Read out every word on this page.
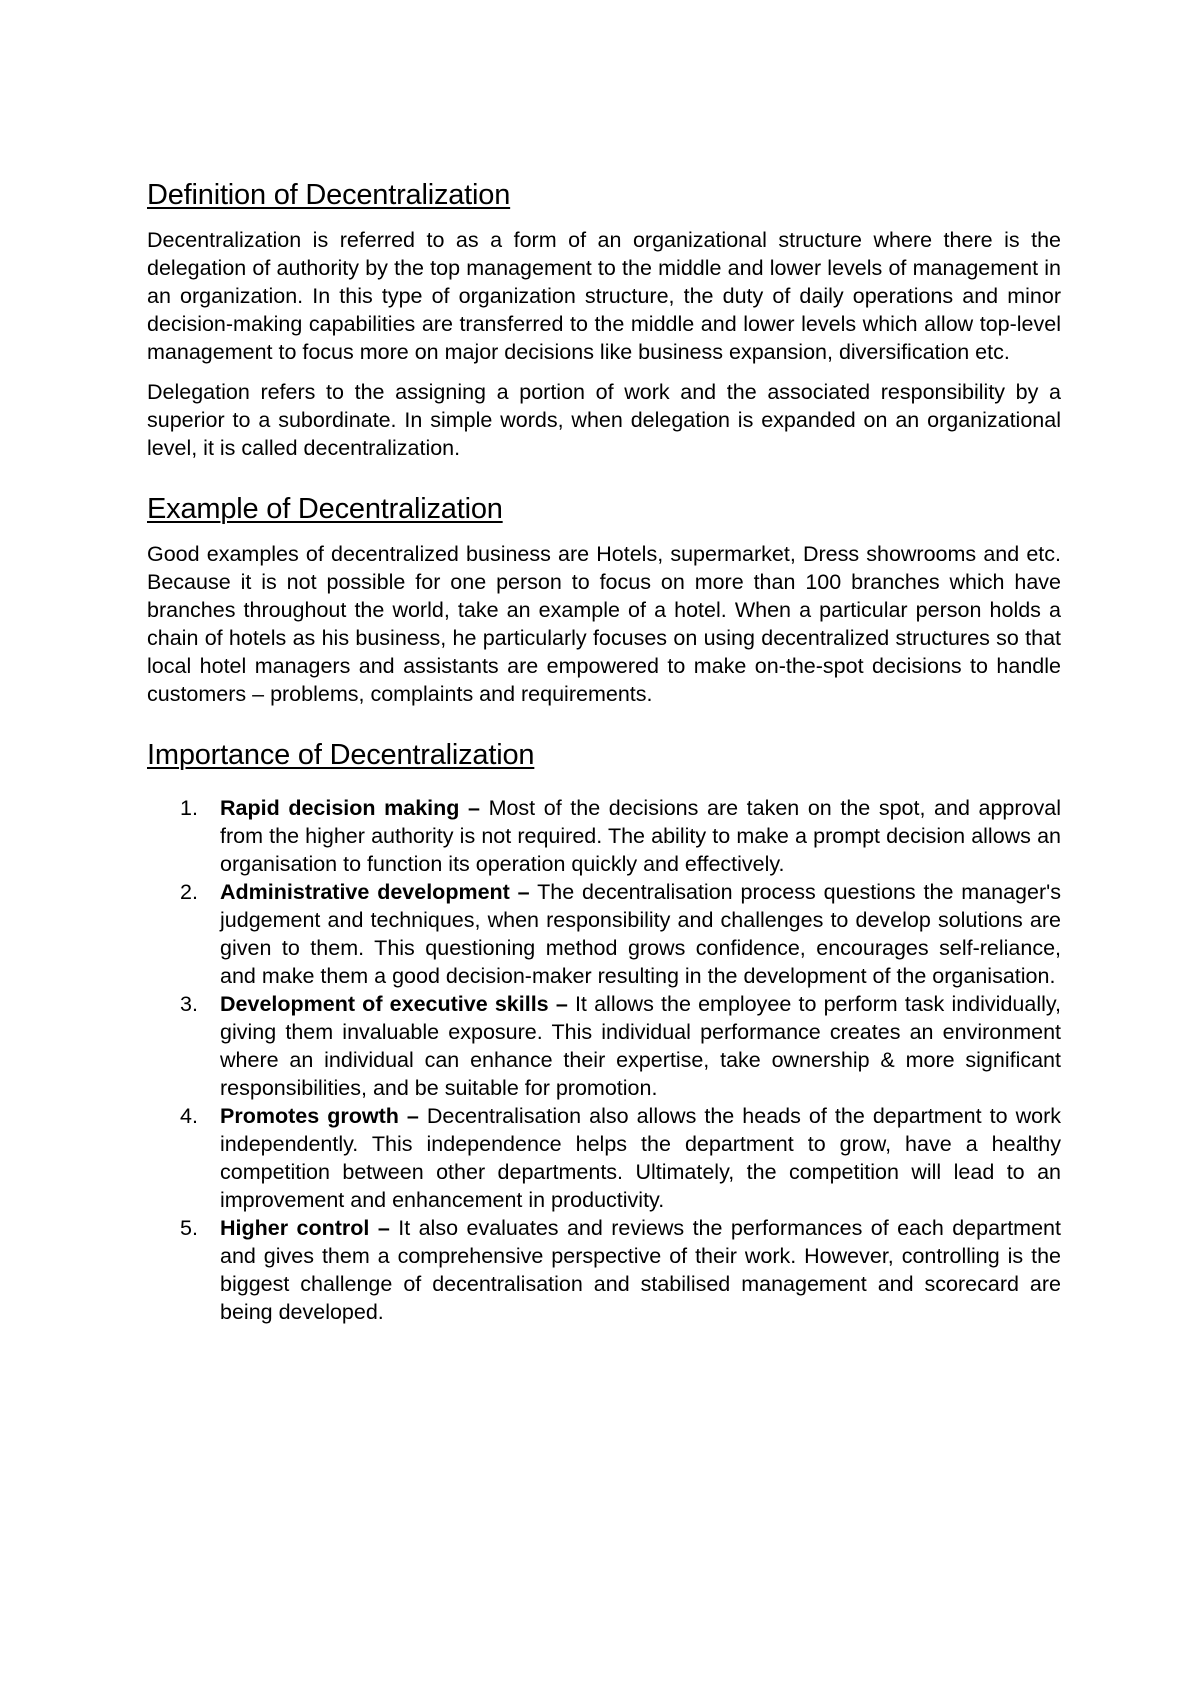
Definition of Decentralization

Decentralization is referred to as a form of an organizational structure where there is the delegation of authority by the top management to the middle and lower levels of management in an organization. In this type of organization structure, the duty of daily operations and minor decision-making capabilities are transferred to the middle and lower levels which allow top-level management to focus more on major decisions like business expansion, diversification etc.

Delegation refers to the assigning a portion of work and the associated responsibility by a superior to a subordinate. In simple words, when delegation is expanded on an organizational level, it is called decentralization.

Example of Decentralization

Good examples of decentralized business are Hotels, supermarket, Dress showrooms and etc. Because it is not possible for one person to focus on more than 100 branches which have branches throughout the world, take an example of a hotel. When a particular person holds a chain of hotels as his business, he particularly focuses on using decentralized structures so that local hotel managers and assistants are empowered to make on-the-spot decisions to handle customers – problems, complaints and requirements.

Importance of Decentralization
1. Rapid decision making – Most of the decisions are taken on the spot, and approval from the higher authority is not required. The ability to make a prompt decision allows an organisation to function its operation quickly and effectively.
2. Administrative development – The decentralisation process questions the manager's judgement and techniques, when responsibility and challenges to develop solutions are given to them. This questioning method grows confidence, encourages self-reliance, and make them a good decision-maker resulting in the development of the organisation.
3. Development of executive skills – It allows the employee to perform task individually, giving them invaluable exposure. This individual performance creates an environment where an individual can enhance their expertise, take ownership & more significant responsibilities, and be suitable for promotion.
4. Promotes growth – Decentralisation also allows the heads of the department to work independently. This independence helps the department to grow, have a healthy competition between other departments. Ultimately, the competition will lead to an improvement and enhancement in productivity.
5. Higher control – It also evaluates and reviews the performances of each department and gives them a comprehensive perspective of their work. However, controlling is the biggest challenge of decentralisation and stabilised management and scorecard are being developed.
